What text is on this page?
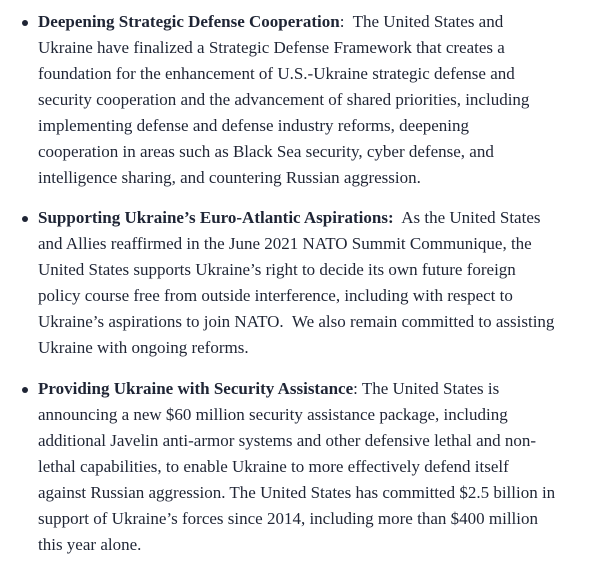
Deepening Strategic Defense Cooperation:  The United States and
Ukraine have finalized a Strategic Defense Framework that creates a
foundation for the enhancement of U.S.-Ukraine strategic defense and
security cooperation and the advancement of shared priorities, including
implementing defense and defense industry reforms, deepening
cooperation in areas such as Black Sea security, cyber defense, and
intelligence sharing, and countering Russian aggression.

Supporting Ukraine’s Euro-Atlantic Aspirations: As the United States
and Allies reaffirmed in the June 2021 NATO Summit Communique, the
United States supports Ukraine’s right to decide its own future foreign
policy course free from outside interference, including with respect to
Ukraine’s aspirations to join NATO.  We also remain committed to assisting
Ukraine with ongoing reforms.

Providing Ukraine with Security Assistance: The United States is
announcing a new $60 million security assistance package, including
additional Javelin anti-armor systems and other defensive lethal and non-
lethal capabilities, to enable Ukraine to more effectively defend itself
against Russian aggression. The United States has committed $2.5 billion in
support of Ukraine’s forces since 2014, including more than $400 million
this year alone.
